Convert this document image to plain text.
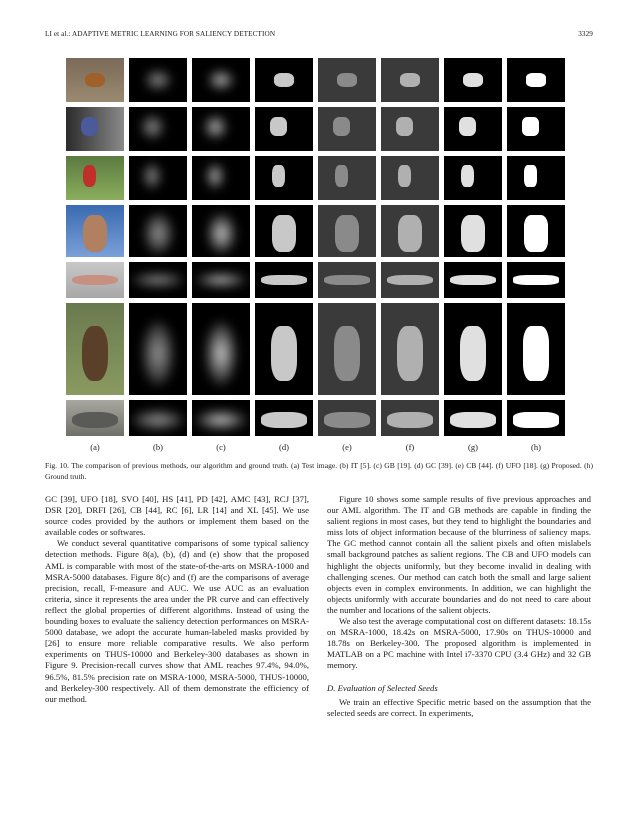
LI et al.: ADAPTIVE METRIC LEARNING FOR SALIENCY DETECTION	3329
(a)	(b)	(c)	(d)	(e)	(f)	(g)	(h)
Fig. 10. The comparison of previous methods, our algorithm and ground truth. (a) Test image. (b) IT [5]. (c) GB [19]. (d) GC [39]. (e) CB [44]. (f) UFO [18]. (g) Proposed. (h) Ground truth.

GC [39], UFO [18], SVO [40], HS [41], PD [42], AMC [43], RCJ [37], DSR [20], DRFI [26], CB [44], RC [6], LR [14] and XL [45]. We use source codes provided by the authors or implement them based on the available codes or softwares.

We conduct several quantitative comparisons of some typical saliency detection methods. Figure 8(a), (b), (d) and (e) show that the proposed AML is comparable with most of the state-of-the-arts on MSRA-1000 and MSRA-5000 databases. Figure 8(c) and (f) are the comparisons of average precision, recall, F-measure and AUC. We use AUC as an evaluation criteria, since it represents the area under the PR curve and can effectively reflect the global properties of different algorithms. Instead of using the bounding boxes to evaluate the saliency detection performances on MSRA-5000 database, we adopt the accurate human-labeled masks provided by [26] to ensure more reliable comparative results. We also perform experiments on THUS-10000 and Berkeley-300 databases as shown in Figure 9. Precision-recall curves show that AML reaches 97.4%, 94.0%, 96.5%, 81.5% precision rate on MSRA-1000, MSRA-5000, THUS-10000, and Berkeley-300 respectively. All of them demonstrate the efficiency of our method.

Figure 10 shows some sample results of five previous approaches and our AML algorithm. The IT and GB methods are capable in finding the salient regions in most cases, but they tend to highlight the boundaries and miss lots of object information because of the blurriness of saliency maps. The GC method cannot contain all the salient pixels and often mislabels small background patches as salient regions. The CB and UFO models can highlight the objects uniformly, but they become invalid in dealing with challenging scenes. Our method can catch both the small and large salient objects even in complex environments. In addition, we can highlight the objects uniformly with accurate boundaries and do not need to care about the number and locations of the salient objects.

We also test the average computational cost on different datasets: 18.15s on MSRA-1000, 18.42s on MSRA-5000, 17.90s on THUS-10000 and 18.78s on Berkeley-300. The proposed algorithm is implemented in MATLAB on a PC machine with Intel i7-3370 CPU (3.4 GHz) and 32 GB memory.

D. Evaluation of Selected Seeds

We train an effective Specific metric based on the assumption that the selected seeds are correct. In experiments,
